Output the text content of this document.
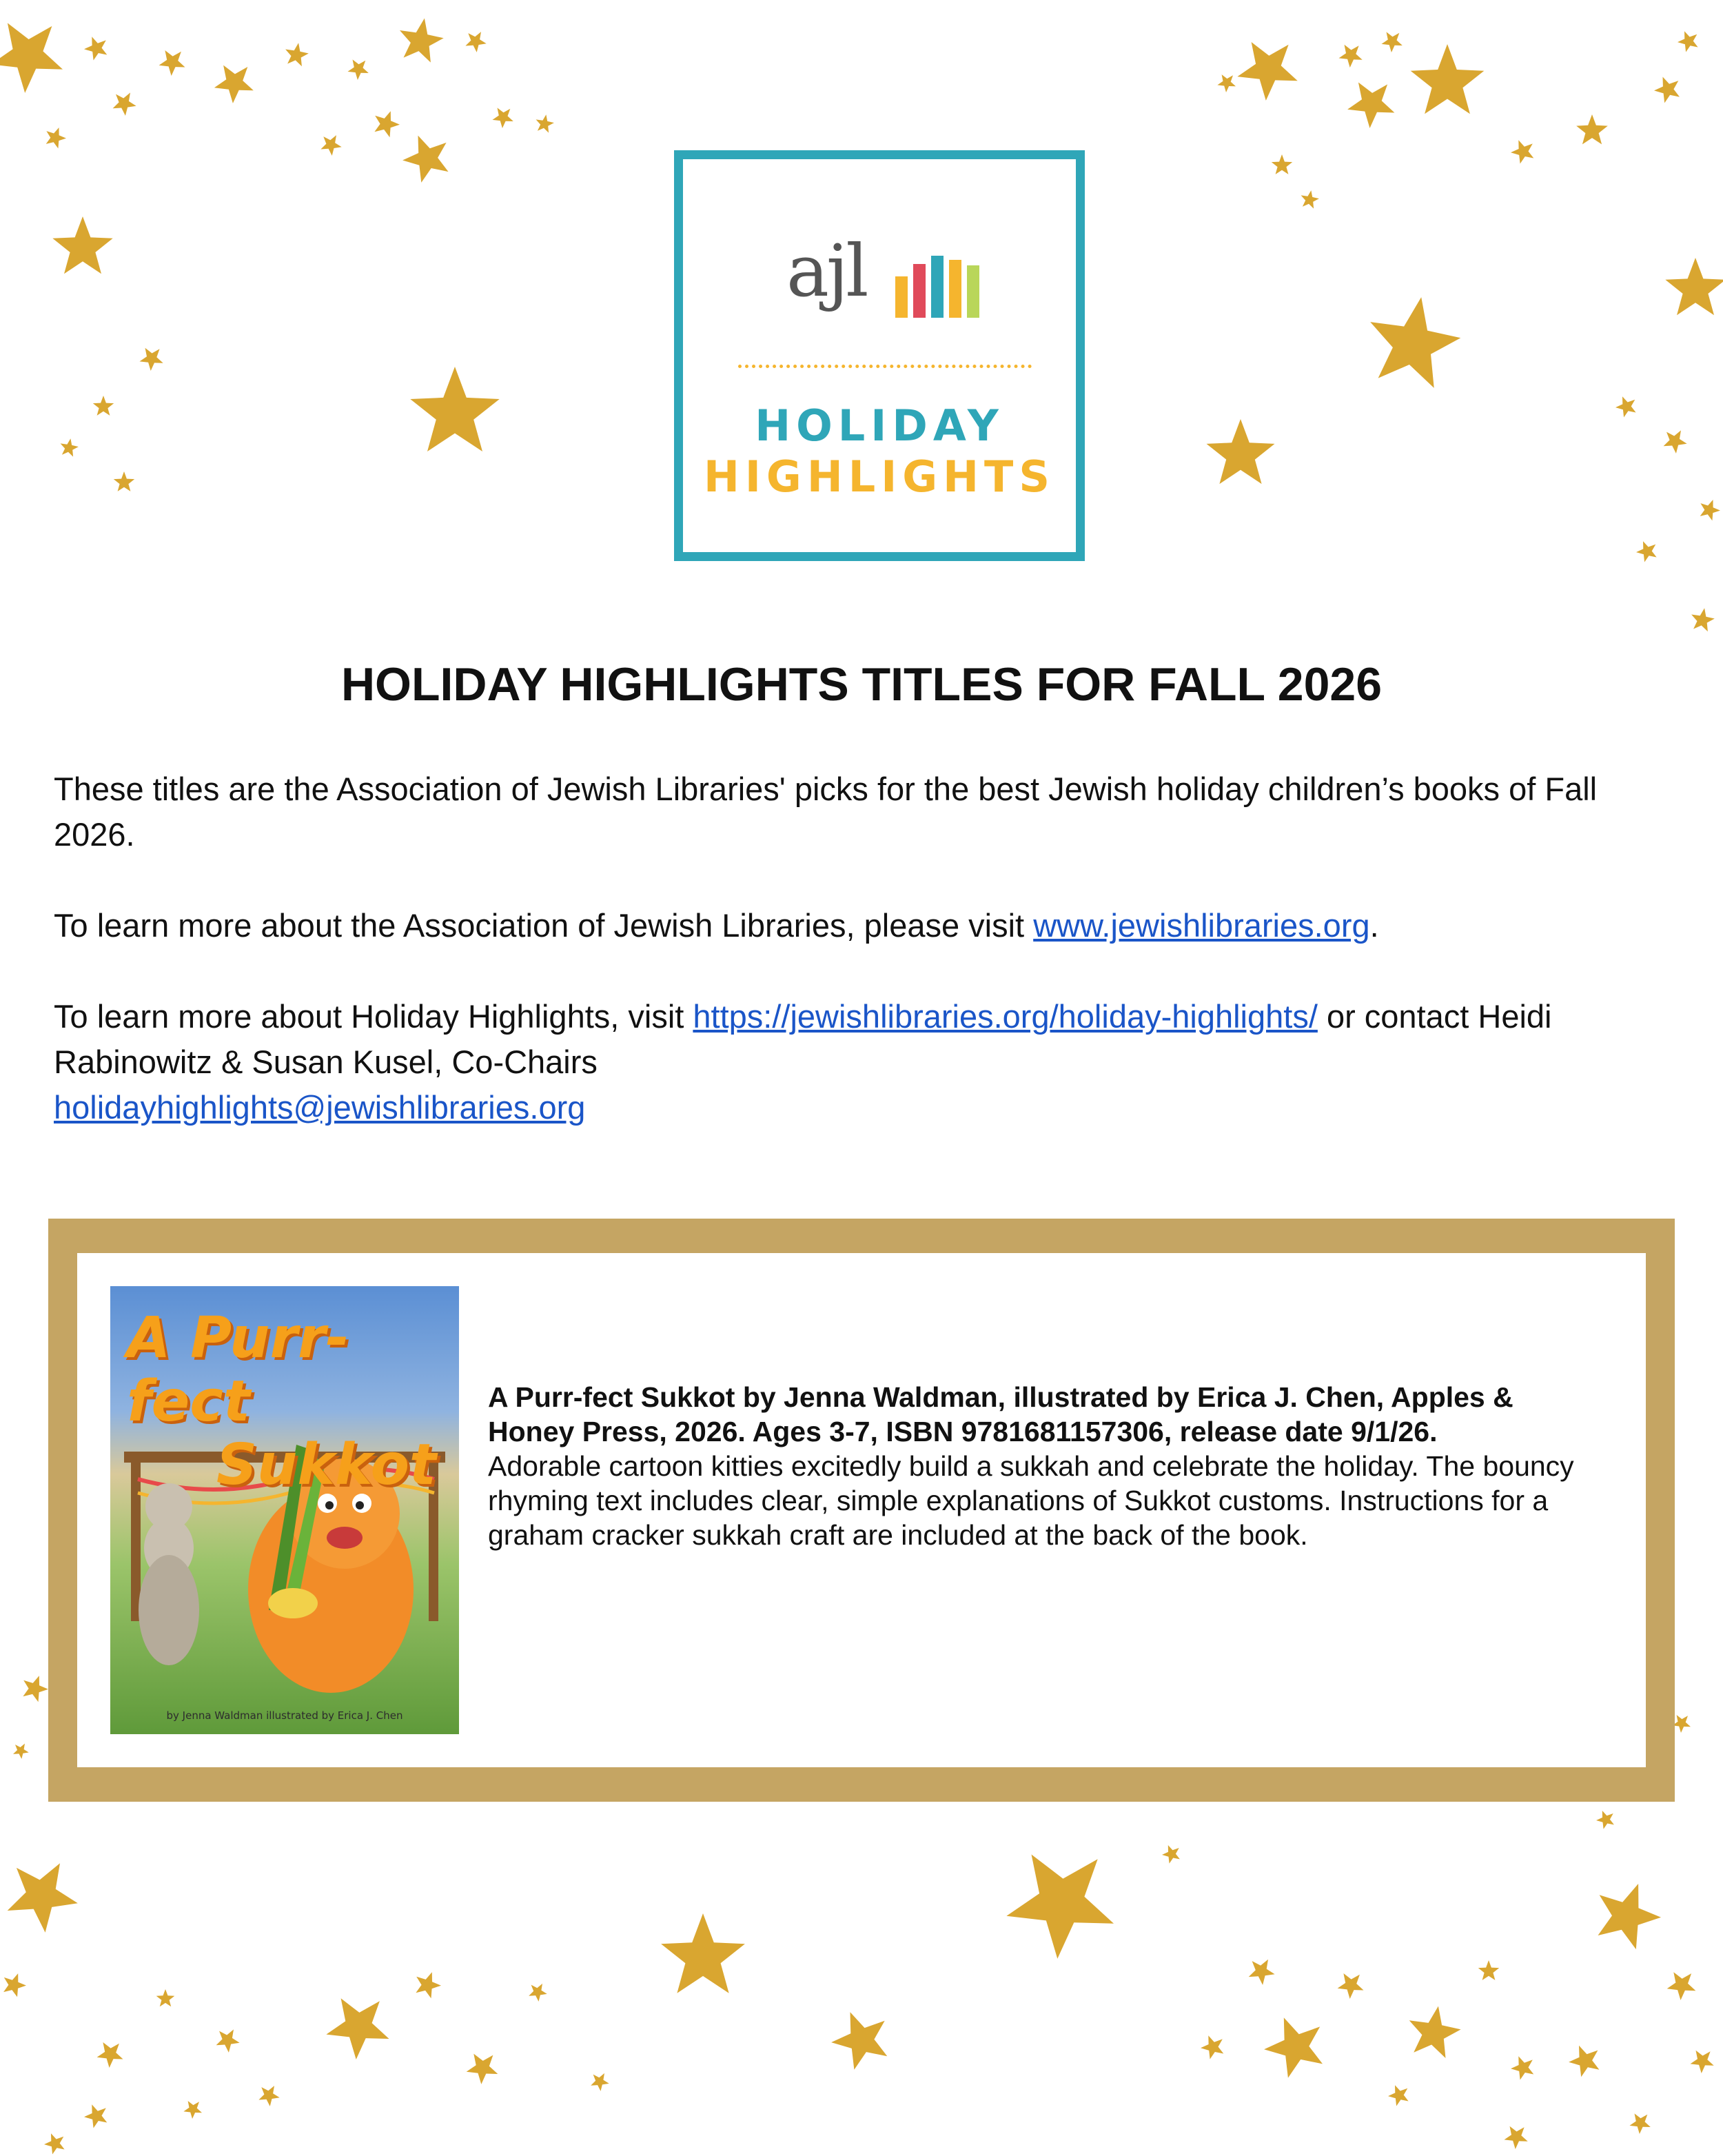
ajl
HOLIDAY
HIGHLIGHTS
HOLIDAY HIGHLIGHTS TITLES FOR FALL 2026

These titles are the Association of Jewish Libraries' picks for the best Jewish holiday children’s books of Fall 2026.

To learn more about the Association of Jewish Libraries, please visit www.jewishlibraries.org.

To learn more about Holiday Highlights, visit https://jewishlibraries.org/holiday-highlights/ or contact Heidi Rabinowitz & Susan Kusel, Co-Chairs
holidayhighlights@jewishlibraries.org

A Purr-fect
Sukkot
by Jenna Waldman illustrated by Erica J. Chen
A Purr-fect Sukkot by Jenna Waldman, illustrated by Erica J. Chen, Apples & Honey Press, 2026. Ages 3-7, ISBN 9781681157306, release date 9/1/26.
Adorable cartoon kitties excitedly build a sukkah and celebrate the holiday. The bouncy rhyming text includes clear, simple explanations of Sukkot customs. Instructions for a graham cracker sukkah craft are included at the back of the book.
